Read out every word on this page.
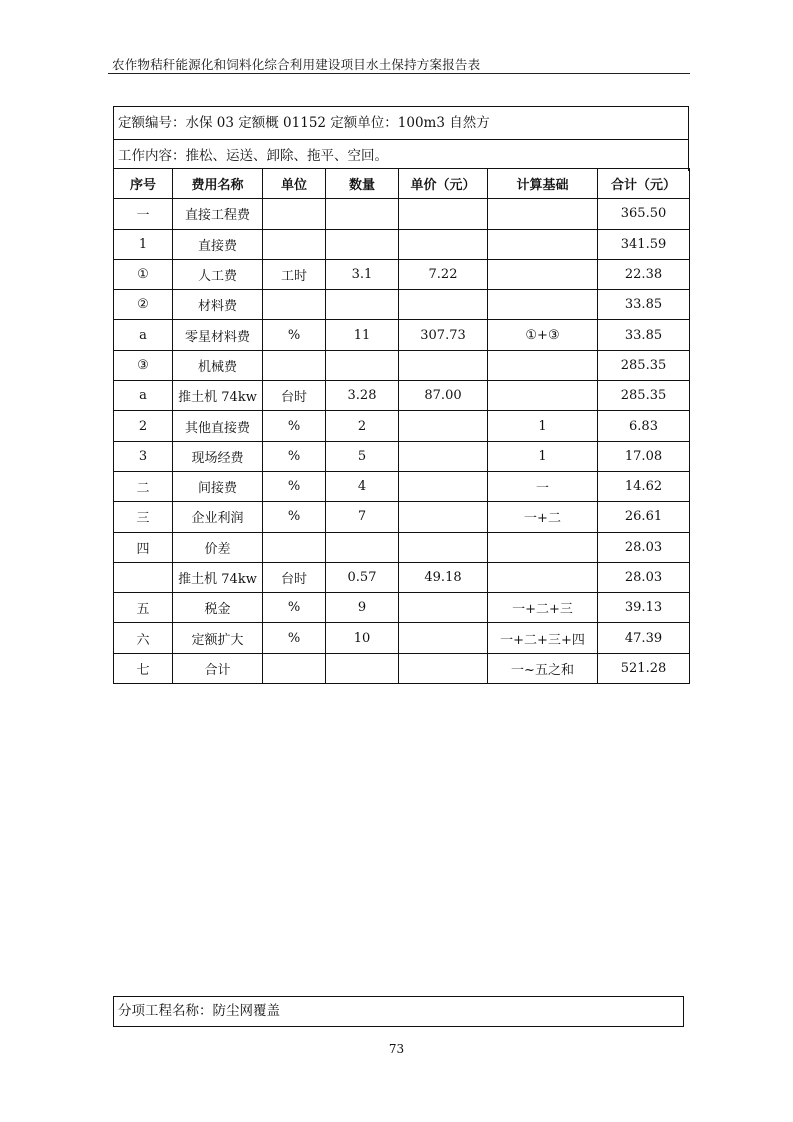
农作物秸秆能源化和饲料化综合利用建设项目水土保持方案报告表
定额编号：水保 03 定额概 01152 定额单位：100m3 自然方
工作内容：推松、运送、卸除、拖平、空回。
序号	费用名称	单位	数量	单价（元）	计算基础	合计（元）
一	直接工程费					365.50
1	直接费					341.59
①	人工费	工时	3.1	7.22		22.38
②	材料费					33.85
a	零星材料费	%	11	307.73	①+③	33.85
③	机械费					285.35
a	推土机 74kw	台时	3.28	87.00		285.35
2	其他直接费	%	2		1	6.83
3	现场经费	%	5		1	17.08
二	间接费	%	4		一	14.62
三	企业利润	%	7		一+二	26.61
四	价差					28.03
	推土机 74kw	台时	0.57	49.18		28.03
五	税金	%	9		一+二+三	39.13
六	定额扩大	%	10		一+二+三+四	47.39
七	合计				一~五之和	521.28
分项工程名称：防尘网覆盖
73
